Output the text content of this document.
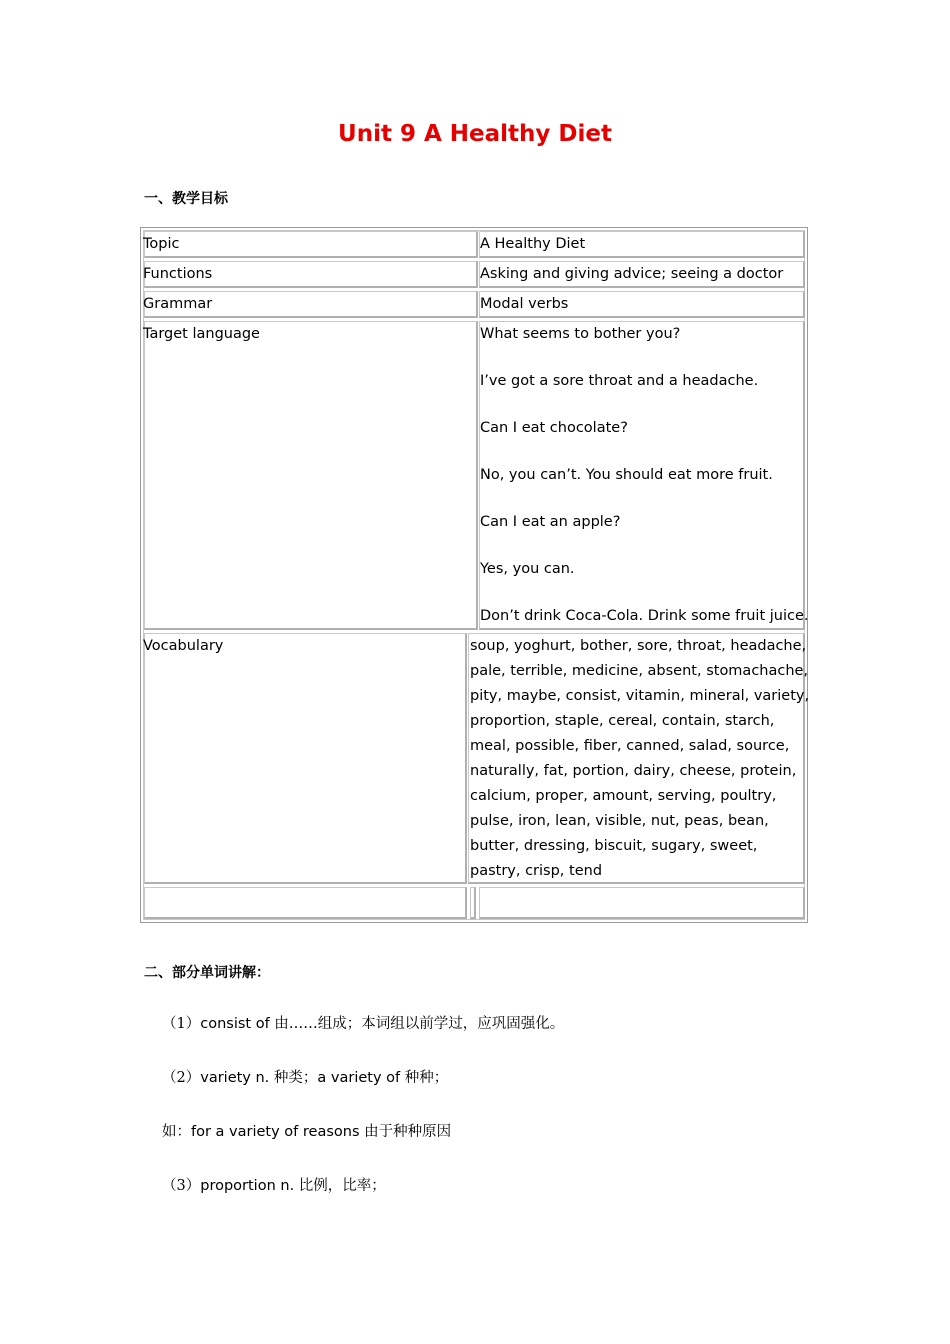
Unit 9 A Healthy Diet

一、教学目标

Topic	A Healthy Diet

Functions	Asking and giving advice; seeing a doctor

Grammar	Modal verbs

Target language	What seems to bother you?

I’ve got a sore throat and a headache.

Can I eat chocolate?

No, you can’t. You should eat more fruit.

Can I eat an apple?

Yes, you can.

Don’t drink Coca-Cola. Drink some fruit juice.

Vocabulary	soup, yoghurt, bother, sore, throat, headache,

pale, terrible, medicine, absent, stomachache,

pity, maybe, consist, vitamin, mineral, variety,

proportion, staple, cereal, contain, starch,

meal, possible, fiber, canned, salad, source,

naturally, fat, portion, dairy, cheese, protein,

calcium, proper, amount, serving, poultry,

pulse, iron, lean, visible, nut, peas, bean,

butter, dressing, biscuit, sugary, sweet,

pastry, crisp, tend

二、部分单词讲解：

（1）consist of 由……组成；本词组以前学过，应巩固强化。

（2）variety n. 种类；a variety of 种种；

如：for a variety of reasons 由于种种原因

（3）proportion n. 比例，比率；
